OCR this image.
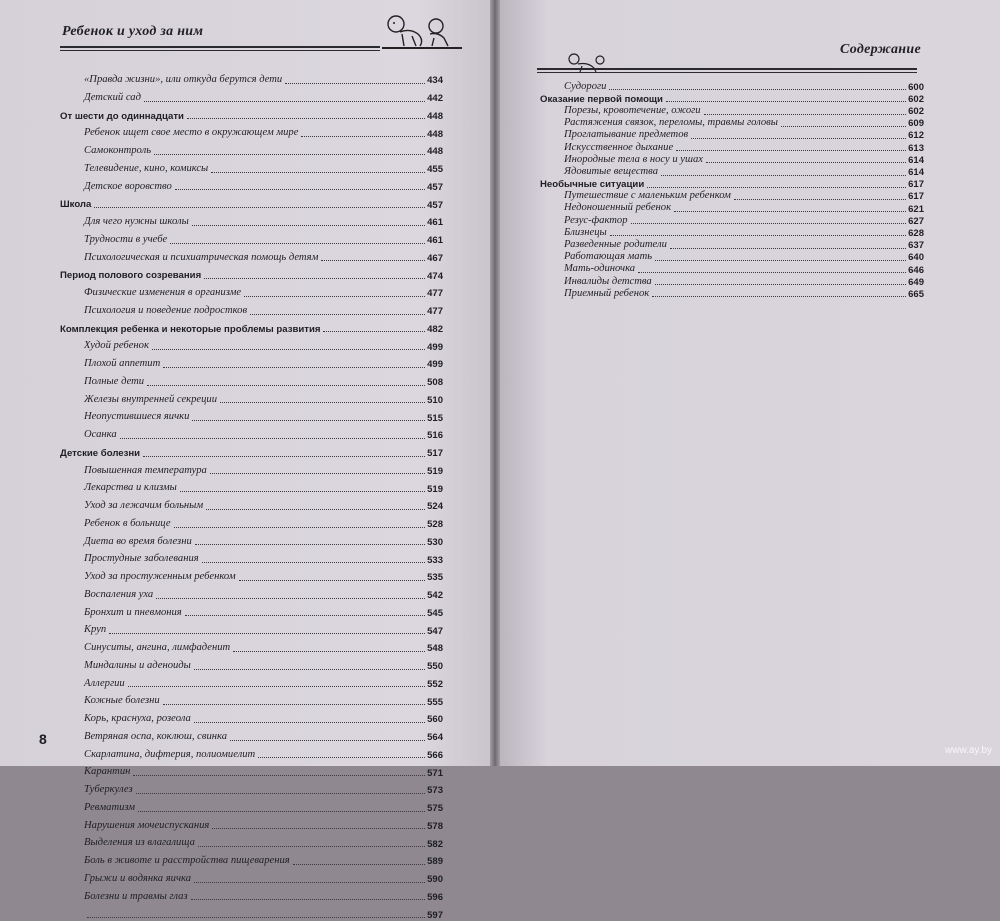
Ребенок и уход за ним
Содержание
«Правда жизни», или откуда берутся дети	434
Детский сад	442
От шести до одиннадцати	448
Ребенок ищет свое место в окружающем мире	448
Самоконтроль	448
Телевидение, кино, комиксы	455
Детское воровство	457
Школа	457
Для чего нужны школы	461
Трудности в учебе	461
Психологическая и психиатрическая помощь детям	467
Период полового созревания	474
Физические изменения в организме	477
Психология и поведение подростков	477
Комплекция ребенка и некоторые проблемы развития	482
Худой ребенок	499
Плохой аппетит	499
Полные дети	508
Железы внутренней секреции	510
Неопустившиеся яички	515
Осанка	516
Детские болезни	517
Повышенная температура	519
Лекарства и клизмы	519
Уход за лежачим больным	524
Ребенок в больнице	528
Диета во время болезни	530
Простудные заболевания	533
Уход за простуженным ребенком	535
Воспаления уха	542
Бронхит и пневмония	545
Круп	547
Синуситы, ангина, лимфаденит	548
Миндалины и аденоиды	550
Аллергии	552
Кожные болезни	555
Корь, краснуха, розеола	560
Ветряная оспа, коклюш, свинка	564
Скарлатина, дифтерия, полиомиелит	566
Карантин	571
Туберкулез	573
Ревматизм	575
Нарушения мочеиспускания	578
Выделения из влагалища	582
Боль в животе и расстройства пищеварения	589
Грыжи и водянка яичка	590
Болезни и травмы глаз	596
597
Судороги	600
Оказание первой помощи	602
Порезы, кровотечение, ожоги	602
Растяжения связок, переломы, травмы головы	609
Проглатывание предметов	612
Искусственное дыхание	613
Инородные тела в носу и ушах	614
Ядовитые вещества	614
Необычные ситуации	617
Путешествие с маленьким ребенком	617
Недоношенный ребенок	621
Резус-фактор	627
Близнецы	628
Разведенные родители	637
Работающая мать	640
Мать-одиночка	646
Инвалиды детства	649
Приемный ребенок	665
8
www.ay.by
